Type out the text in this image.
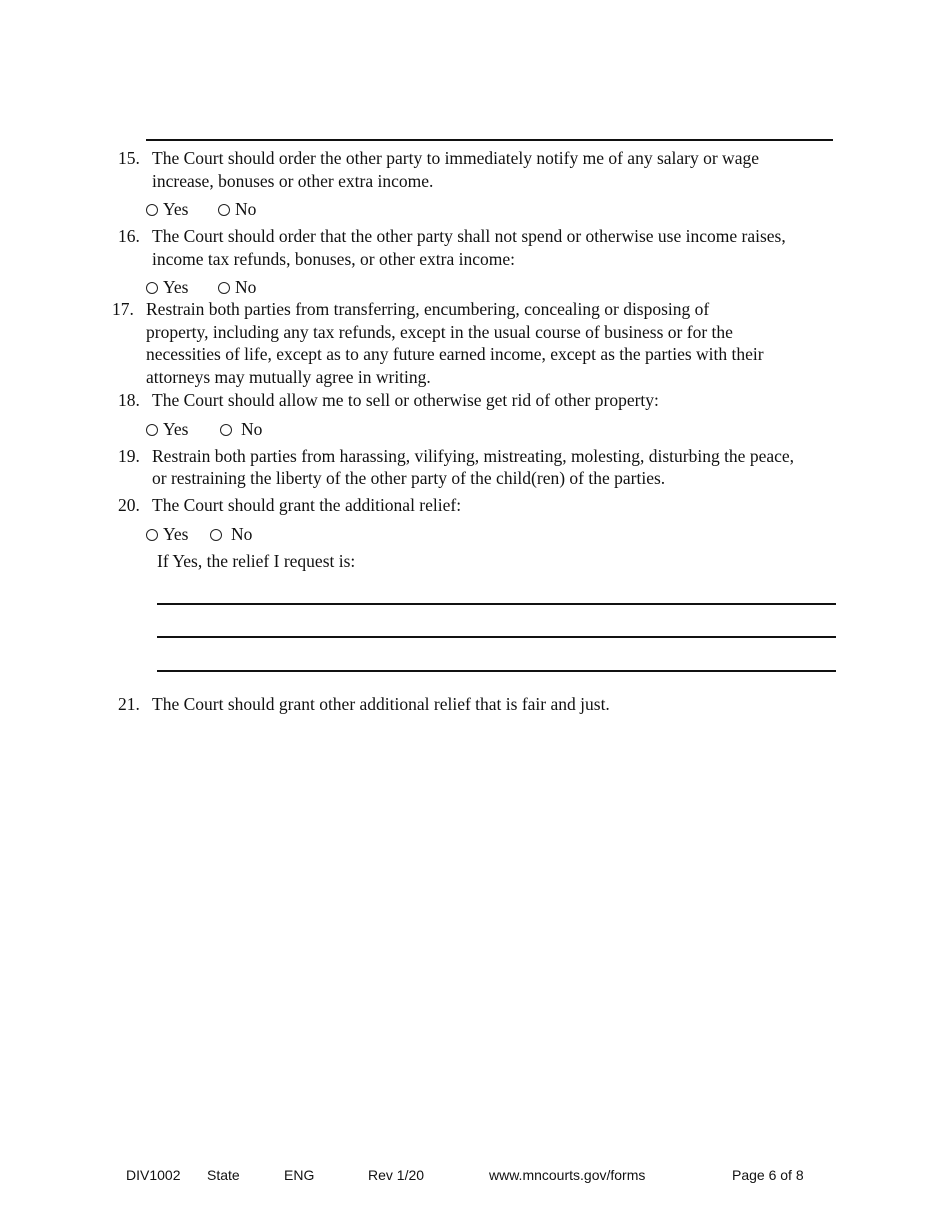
15. The Court should order the other party to immediately notify me of any salary or wage
increase, bonuses or other extra income.
Yes	No
16. The Court should order that the other party shall not spend or otherwise use income raises,
income tax refunds, bonuses, or other extra income:
Yes	No
17. Restrain both parties from transferring, encumbering, concealing or disposing of
property, including any tax refunds, except in the usual course of business or for the
necessities of life, except as to any future earned income, except as the parties with their
attorneys may mutually agree in writing.
18. The Court should allow me to sell or otherwise get rid of other property:
Yes	No
19. Restrain both parties from harassing, vilifying, mistreating, molesting, disturbing the peace,
or restraining the liberty of the other party of the child(ren) of the parties.
20. The Court should grant the additional relief:
Yes	No
If Yes, the relief I request is:
21. The Court should grant other additional relief that is fair and just.
DIV1002 State	ENG	Rev 1/20	www.mncourts.gov/forms	Page 6 of 8
